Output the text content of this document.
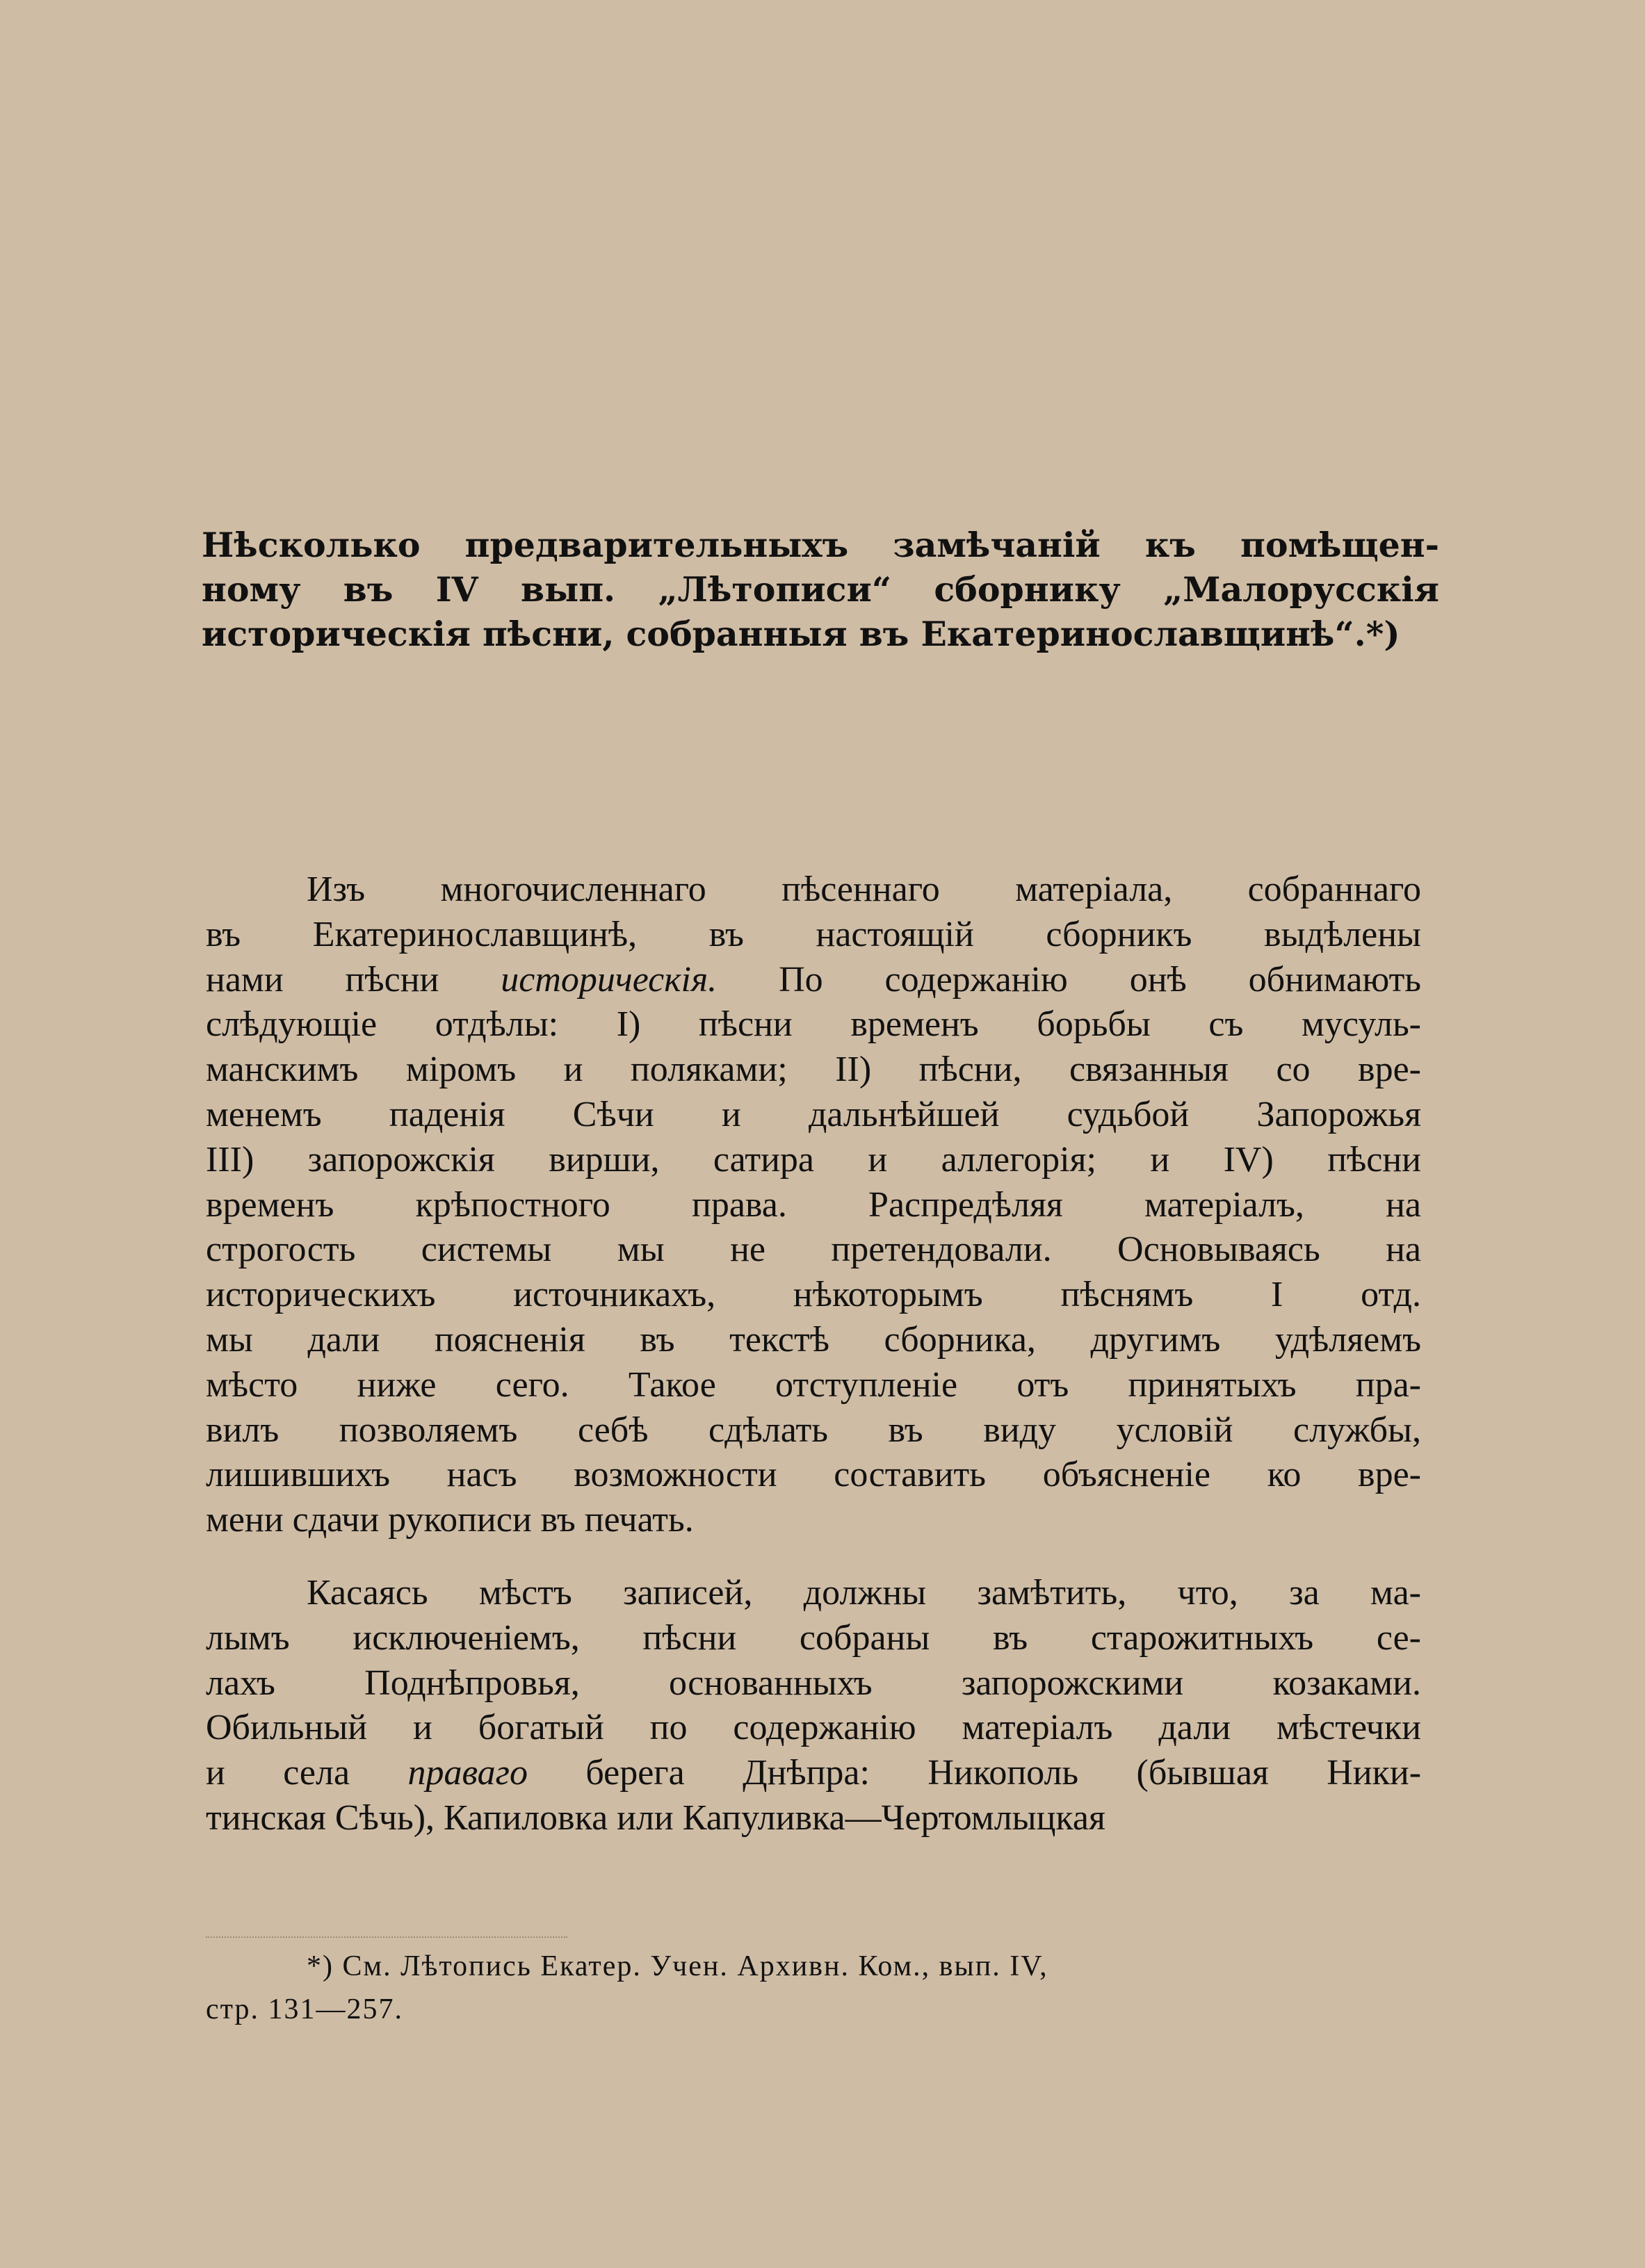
Нѣсколько предварительныхъ замѣчаній къ помѣщен-
ному въ IV вып. „Лѣтописи“ сборнику „Малорусскія
историческія пѣсни, собранныя въ Екатеринославщинѣ“.*)
Изъ многочисленнаго пѣсеннаго матеріала, собраннаго
въ Екатеринославщинѣ, въ настоящій сборникъ выдѣлены
нами пѣсни историческія. По содержанію онѣ обнимають
слѣдующіе отдѣлы: I) пѣсни временъ борьбы съ мусуль-
манскимъ міромъ и поляками; II) пѣсни, связанныя со вре-
менемъ паденія Сѣчи и дальнѣйшей судьбой Запорожья
III) запорожскія вирши, сатира и аллегорія; и IV) пѣсни
временъ крѣпостного права. Распредѣляя матеріалъ, на
строгость системы мы не претендовали. Основываясь на
историческихъ источникахъ, нѣкоторымъ пѣснямъ I отд.
мы дали поясненія въ текстѣ сборника, другимъ удѣляемъ
мѣсто ниже сего. Такое отступленіе отъ принятыхъ пра-
вилъ позволяемъ себѣ сдѣлать въ виду условій службы,
лишившихъ насъ возможности составить объясненіе ко вре-
мени сдачи рукописи въ печать.
Касаясь мѣстъ записей, должны замѣтить, что, за ма-
лымъ исключеніемъ, пѣсни собраны въ старожитныхъ се-
лахъ Поднѣпровья, основанныхъ запорожскими козаками.
Обильный и богатый по содержанію матеріалъ дали мѣстечки
и села праваго берега Днѣпра: Никополь (бывшая Ники-
тинская Сѣчь), Капиловка или Капуливка—Чертомлыцкая
*) См. Лѣтопись Екатер. Учен. Архивн. Ком., вып. IV,
стр. 131—257.
